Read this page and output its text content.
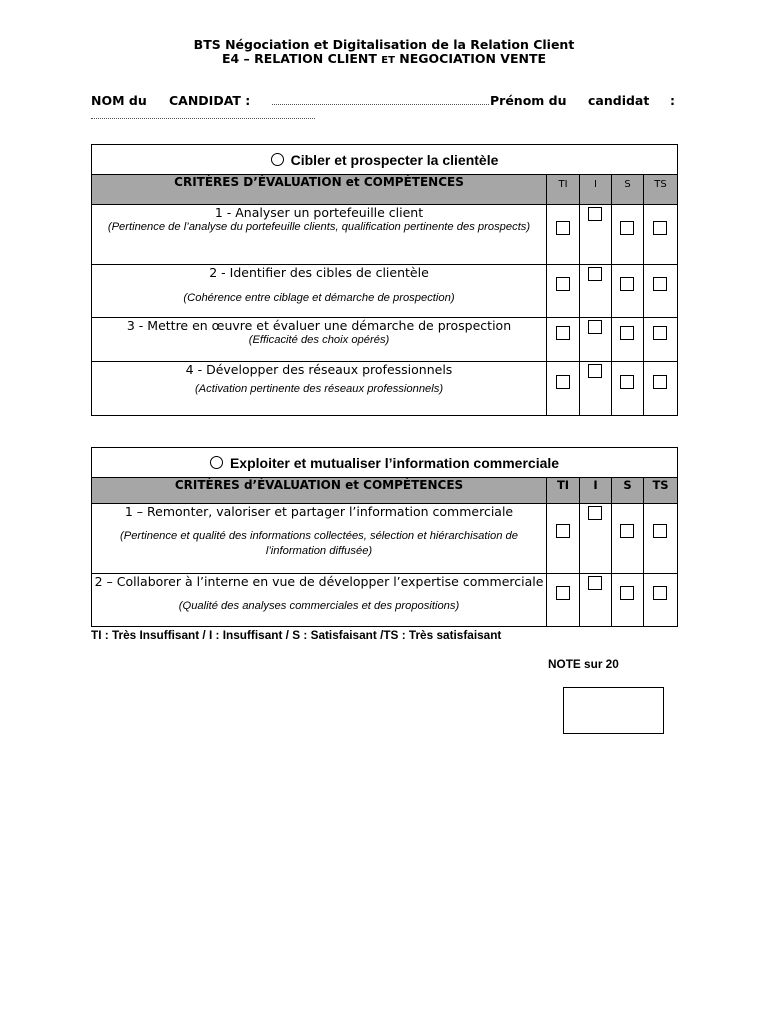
BTS Négociation et Digitalisation de la Relation Client
E4 – RELATION CLIENT ET NEGOCIATION VENTE
NOM du CANDIDAT :	Prénom du candidat :
Cibler et prospecter la clientèle				
CRITÈRES D’ÉVALUATION et COMPÉTENCES	TI	I	S	TS

1 - Analyser un portefeuille client
(Pertinence de l’analyse du portefeuille clients, qualification pertinente des prospects)				

2 - Identifier des cibles de clientèle
(Cohérence entre ciblage et démarche de prospection)				

3 - Mettre en œuvre et évaluer une démarche de prospection
(Efficacité des choix opérés)				

4 - Développer des réseaux professionnels
(Activation pertinente des réseaux professionnels)				

Exploiter et mutualiser l’information commerciale				
CRITÈRES d’ÉVALUATION et COMPÉTENCES	TI	I	S	TS

1 – Remonter, valoriser et partager l’information commerciale
(Pertinence et qualité des informations collectées, sélection et hiérarchisation de l’information diffusée)				

2 – Collaborer à l’interne en vue de développer l’expertise commerciale
(Qualité des analyses commerciales et des propositions)				

TI : Très Insuffisant / I : Insuffisant / S : Satisfaisant /TS : Très satisfaisant
NOTE sur 20
